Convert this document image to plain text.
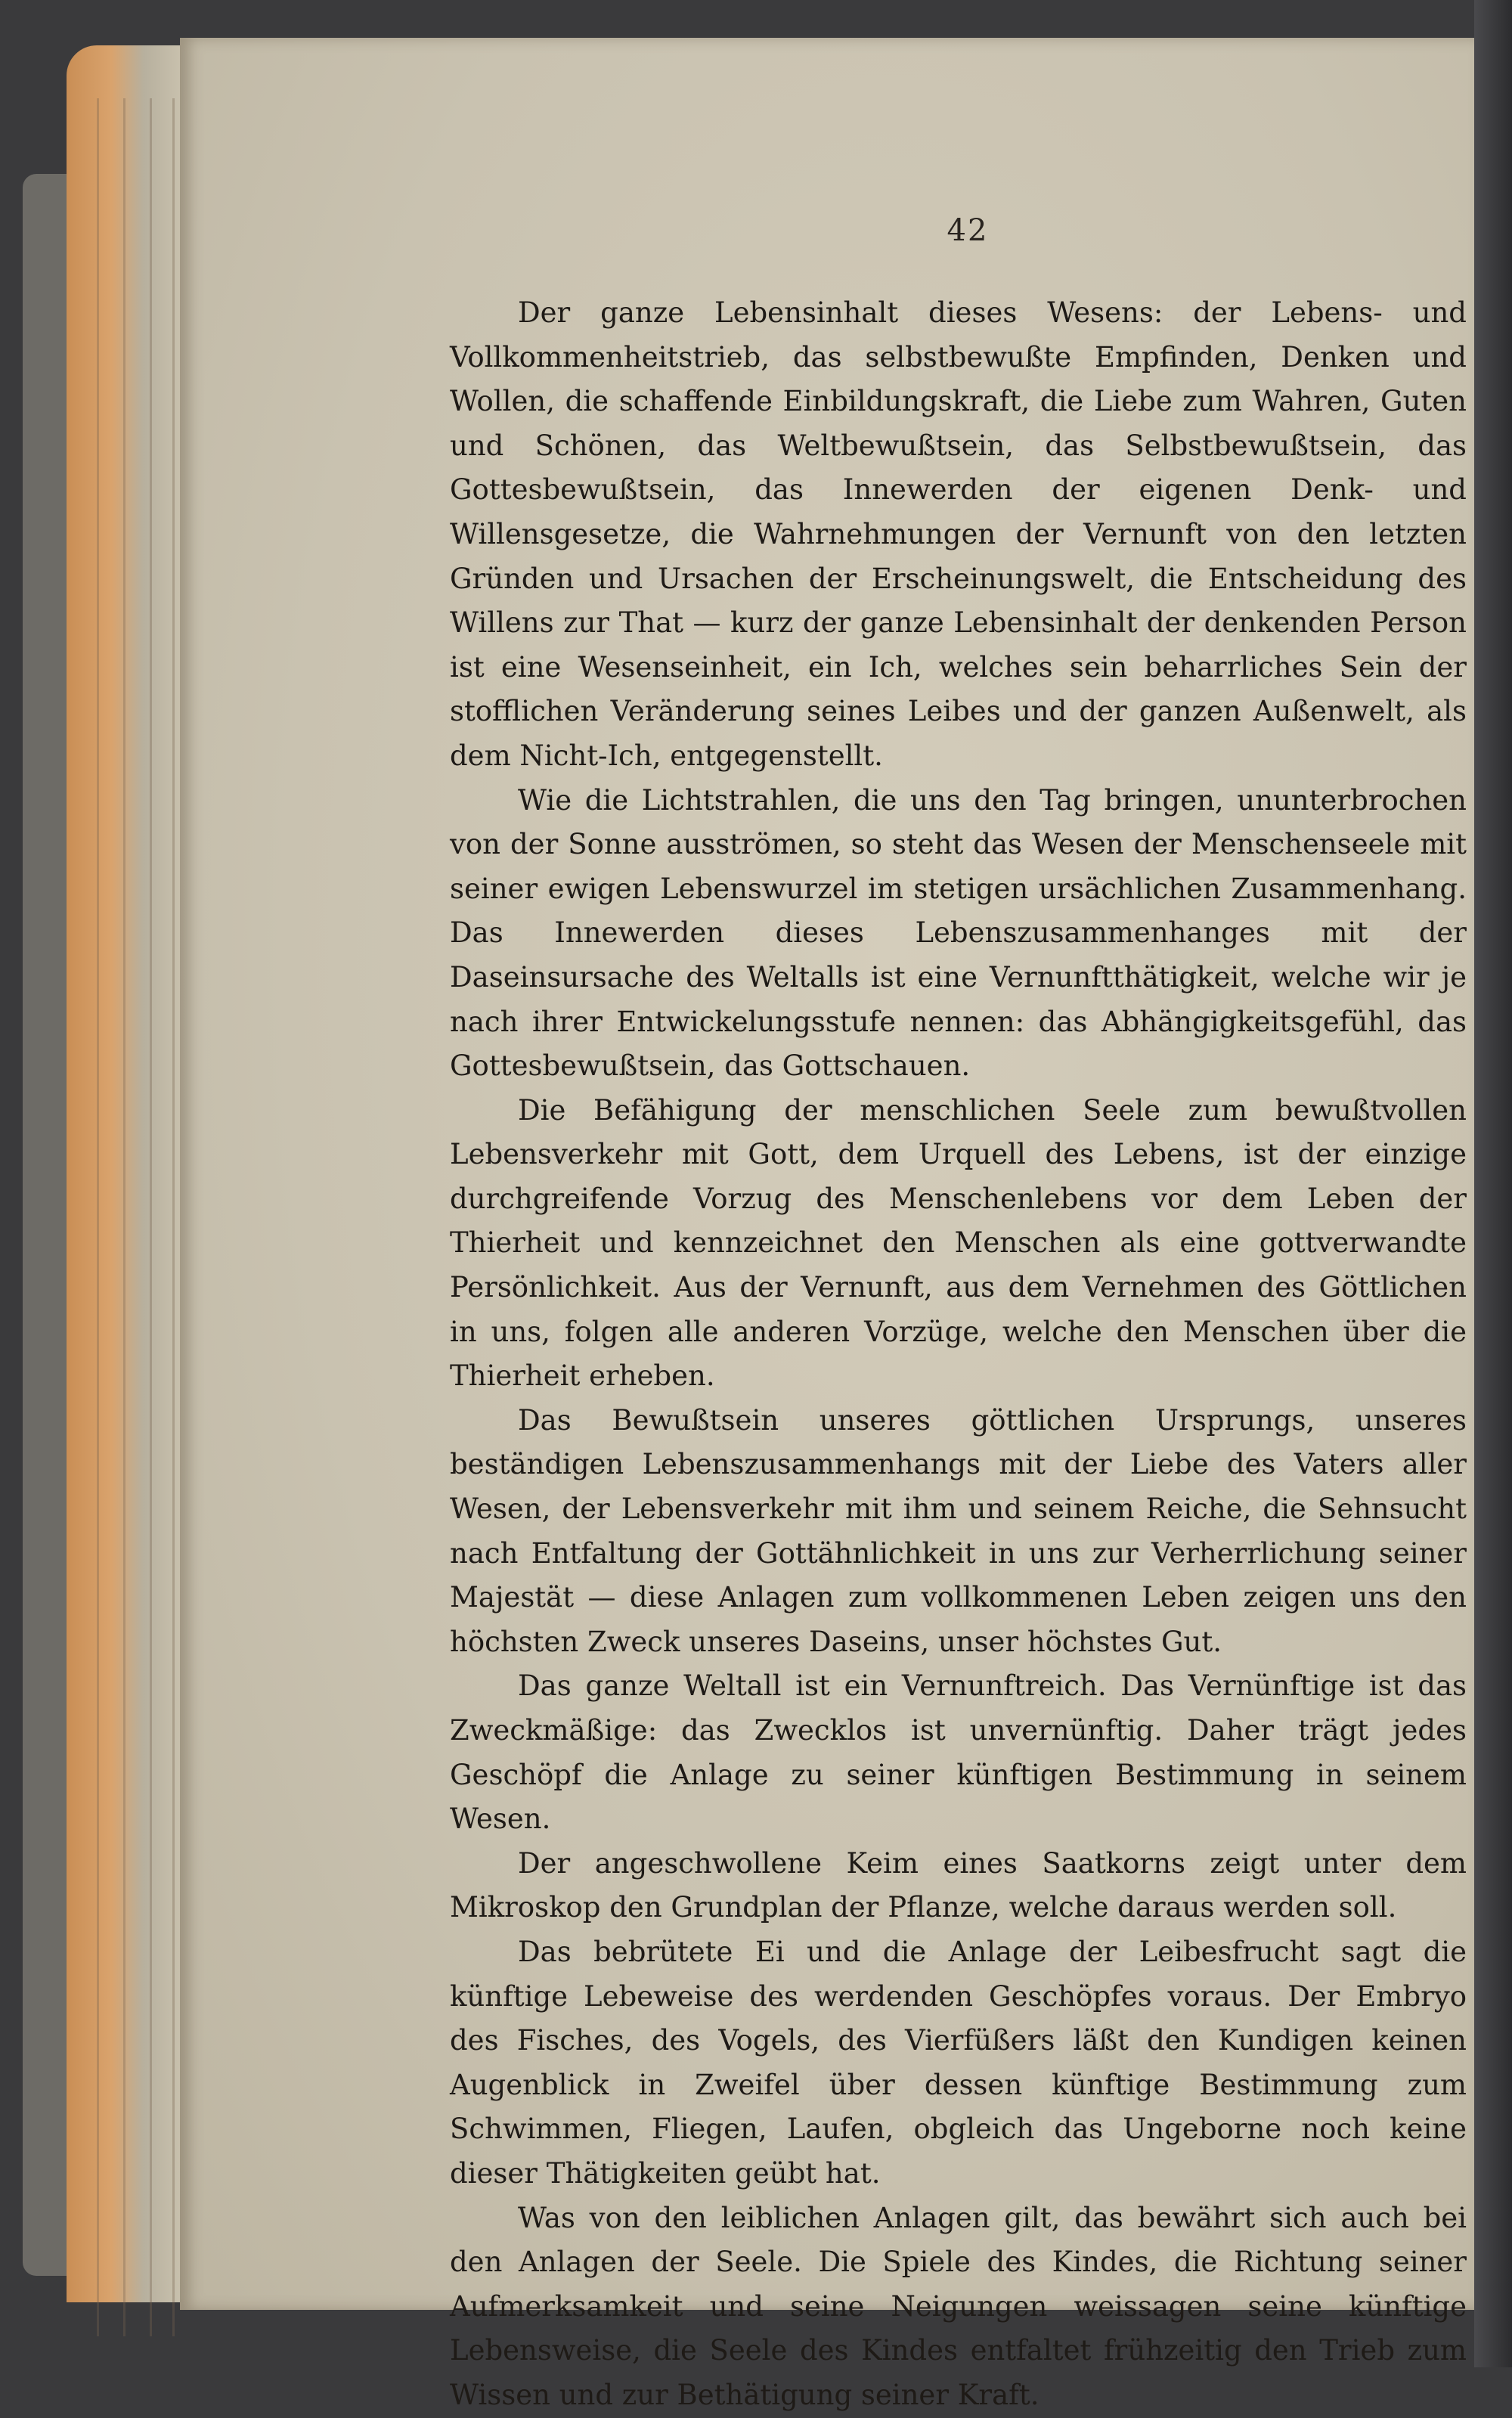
42

Der ganze Lebensinhalt dieses Wesens: der Lebens- und Vollkommenheitstrieb, das selbstbewußte Empfinden, Denken und Wollen, die schaffende Einbildungskraft, die Liebe zum Wahren, Guten und Schönen, das Weltbewußtsein, das Selbstbewußtsein, das Gottesbewußtsein, das Innewerden der eigenen Denk- und Willensgesetze, die Wahrnehmungen der Vernunft von den letzten Gründen und Ursachen der Erscheinungswelt, die Entscheidung des Willens zur That — kurz der ganze Lebensinhalt der denkenden Person ist eine Wesenseinheit, ein Ich, welches sein beharrliches Sein der stofflichen Veränderung seines Leibes und der ganzen Außenwelt, als dem Nicht-Ich, entgegenstellt.

Wie die Lichtstrahlen, die uns den Tag bringen, ununterbrochen von der Sonne ausströmen, so steht das Wesen der Menschenseele mit seiner ewigen Lebenswurzel im stetigen ursächlichen Zusammenhang. Das Innewerden dieses Lebenszusammenhanges mit der Daseinsursache des Weltalls ist eine Vernunftthätigkeit, welche wir je nach ihrer Entwickelungsstufe nennen: das Abhängigkeitsgefühl, das Gottesbewußtsein, das Gottschauen.

Die Befähigung der menschlichen Seele zum bewußtvollen Lebensverkehr mit Gott, dem Urquell des Lebens, ist der einzige durchgreifende Vorzug des Menschenlebens vor dem Leben der Thierheit und kennzeichnet den Menschen als eine gottverwandte Persönlichkeit. Aus der Vernunft, aus dem Vernehmen des Göttlichen in uns, folgen alle anderen Vorzüge, welche den Menschen über die Thierheit erheben.

Das Bewußtsein unseres göttlichen Ursprungs, unseres beständigen Lebenszusammenhangs mit der Liebe des Vaters aller Wesen, der Lebensverkehr mit ihm und seinem Reiche, die Sehnsucht nach Entfaltung der Gottähnlichkeit in uns zur Verherrlichung seiner Majestät — diese Anlagen zum vollkommenen Leben zeigen uns den höchsten Zweck unseres Daseins, unser höchstes Gut.

Das ganze Weltall ist ein Vernunftreich. Das Vernünftige ist das Zweckmäßige: das Zwecklos ist unvernünftig. Daher trägt jedes Geschöpf die Anlage zu seiner künftigen Bestimmung in seinem Wesen.

Der angeschwollene Keim eines Saatkorns zeigt unter dem Mikroskop den Grundplan der Pflanze, welche daraus werden soll.

Das bebrütete Ei und die Anlage der Leibesfrucht sagt die künftige Lebeweise des werdenden Geschöpfes voraus. Der Embryo des Fisches, des Vogels, des Vierfüßers läßt den Kundigen keinen Augenblick in Zweifel über dessen künftige Bestimmung zum Schwimmen, Fliegen, Laufen, obgleich das Ungeborne noch keine dieser Thätigkeiten geübt hat.

Was von den leiblichen Anlagen gilt, das bewährt sich auch bei den Anlagen der Seele. Die Spiele des Kindes, die Richtung seiner Aufmerksamkeit und seine Neigungen weissagen seine künftige Lebensweise, die Seele des Kindes entfaltet frühzeitig den Trieb zum Wissen und zur Bethätigung seiner Kraft.
